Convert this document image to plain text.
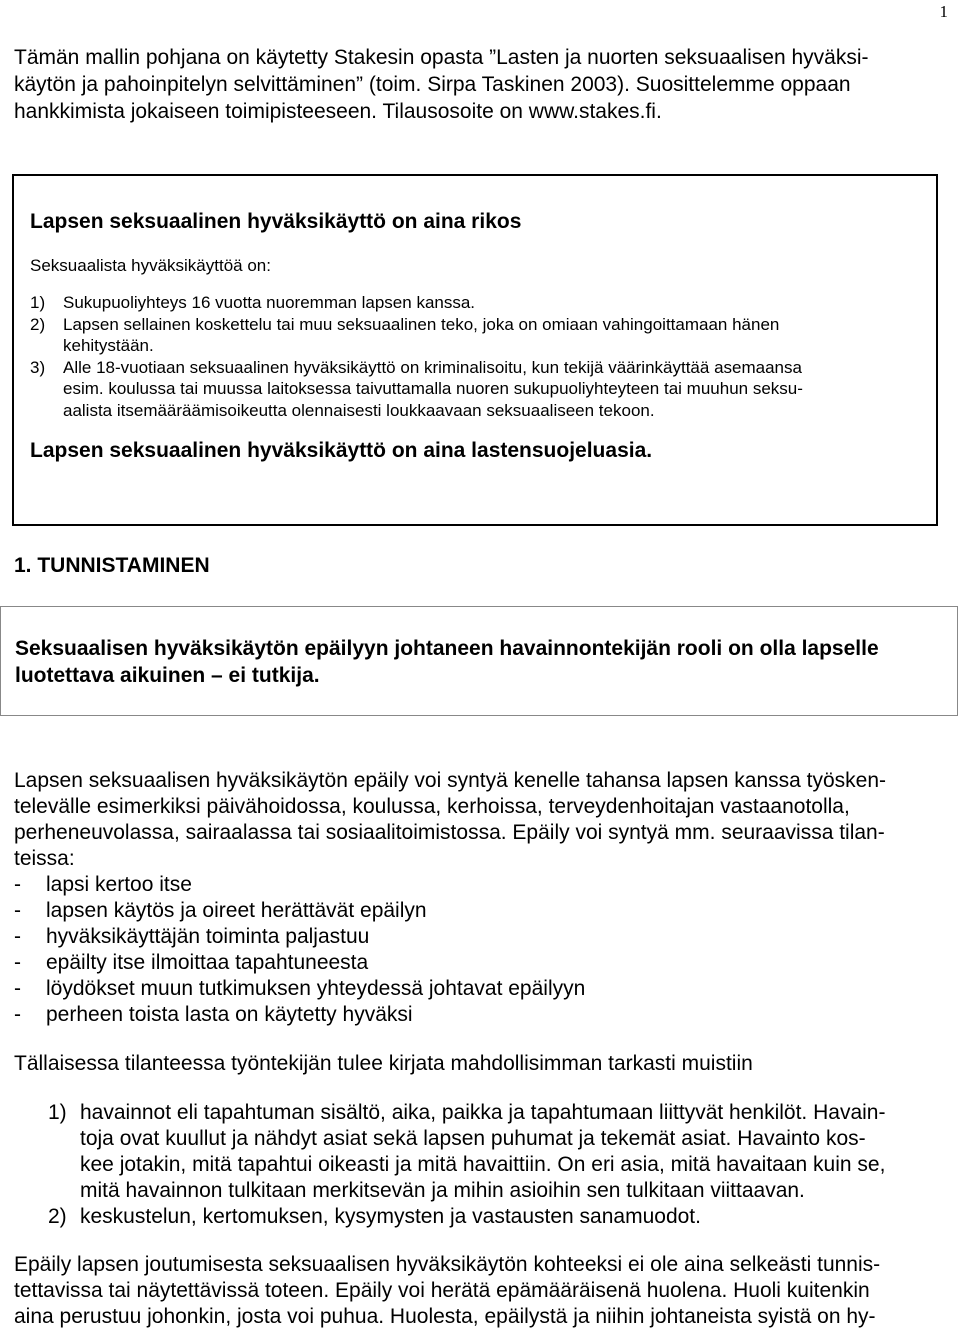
1

Tämän mallin pohjana on käytetty Stakesin opasta ”Lasten ja nuorten seksuaalisen hyväksi-

käytön ja pahoinpitelyn selvittäminen” (toim. Sirpa Taskinen 2003). Suosittelemme oppaan

hankkimista jokaiseen toimipisteeseen. Tilausosoite on www.stakes.fi.

Lapsen seksuaalinen hyväksikäyttö on aina rikos

Seksuaalista hyväksikäyttöä on:

1) Sukupuoliyhteys 16 vuotta nuoremman lapsen kanssa.
2) Lapsen sellainen koskettelu tai muu seksuaalinen teko, joka on omiaan vahingoittamaan hänen
kehitystään.
3) Alle 18-vuotiaan seksuaalinen hyväksikäyttö on kriminalisoitu, kun tekijä väärinkäyttää asemaansa
esim. koulussa tai muussa laitoksessa taivuttamalla nuoren sukupuoliyhteyteen tai muuhun seksu-
aalista itsemääräämisoikeutta olennaisesti loukkaavaan seksuaaliseen tekoon.

Lapsen seksuaalinen hyväksikäyttö on aina lastensuojeluasia.

1. TUNNISTAMINEN

Seksuaalisen hyväksikäytön epäilyyn johtaneen havainnontekijän rooli on olla lapselle

luotettava aikuinen – ei tutkija.

Lapsen seksuaalisen hyväksikäytön epäily voi syntyä kenelle tahansa lapsen kanssa työsken-

televälle esimerkiksi päivähoidossa, koulussa, kerhoissa, terveydenhoitajan vastaanotolla,

perheneuvolassa, sairaalassa tai sosiaalitoimistossa. Epäily voi syntyä mm. seuraavissa tilan-

teissa:

- lapsi kertoo itse
- lapsen käytös ja oireet herättävät epäilyn
- hyväksikäyttäjän toiminta paljastuu
- epäilty itse ilmoittaa tapahtuneesta
- löydökset muun tutkimuksen yhteydessä johtavat epäilyyn
- perheen toista lasta on käytetty hyväksi

Tällaisessa tilanteessa työntekijän tulee kirjata mahdollisimman tarkasti muistiin

1) havainnot eli tapahtuman sisältö, aika, paikka ja tapahtumaan liittyvät henkilöt. Havain-
toja ovat kuullut ja nähdyt asiat sekä lapsen puhumat ja tekemät asiat. Havainto kos-
kee jotakin, mitä tapahtui oikeasti ja mitä havaittiin. On eri asia, mitä havaitaan kuin se,
mitä havainnon tulkitaan merkitsevän ja mihin asioihin sen tulkitaan viittaavan.
2) keskustelun, kertomuksen, kysymysten ja vastausten sanamuodot.

Epäily lapsen joutumisesta seksuaalisen hyväksikäytön kohteeksi ei ole aina selkeästi tunnis-

tettavissa tai näytettävissä toteen. Epäily voi herätä epämääräisenä huolena. Huoli kuitenkin

aina perustuu johonkin, josta voi puhua. Huolesta, epäilystä ja niihin johtaneista syistä on hy-
